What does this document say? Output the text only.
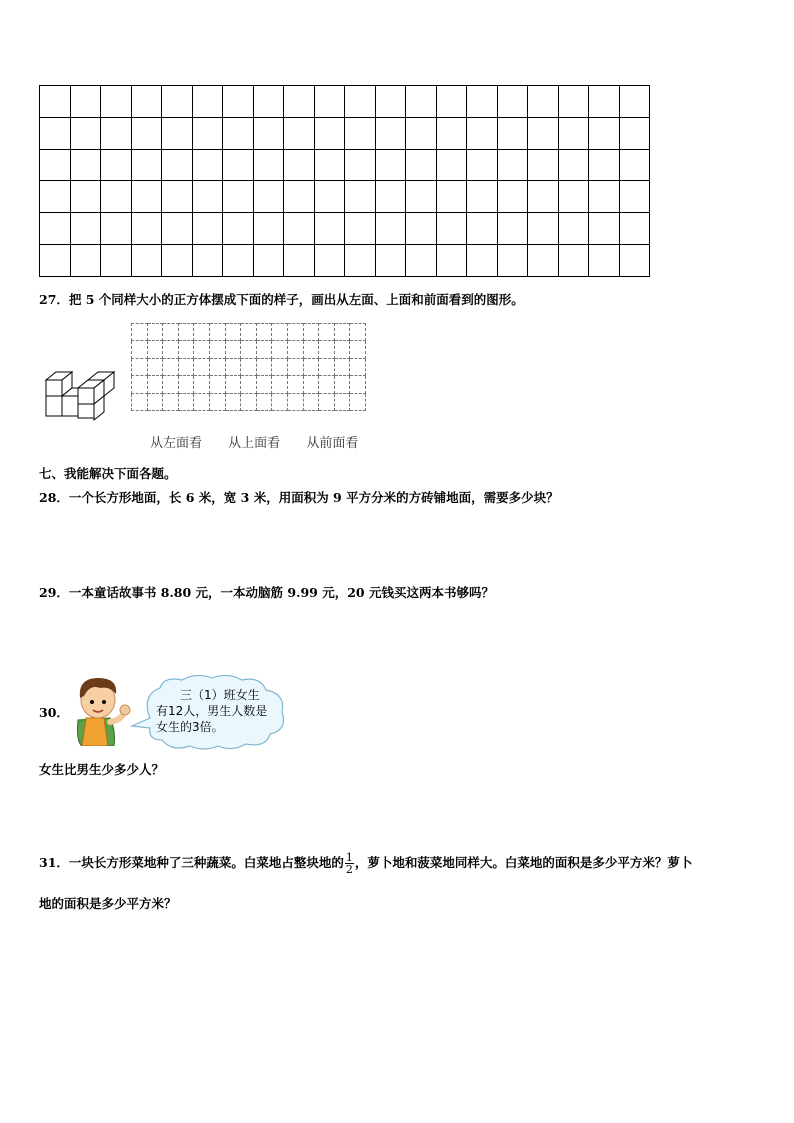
27．把 5 个同样大小的正方体摆成下面的样子，画出从左面、上面和前面看到的图形。

从左面看 从上面看 从前面看
七、我能解决下面各题。
28．一个长方形地面，长 6 米，宽 3 米，用面积为 9 平方分米的方砖铺地面，需要多少块？
29．一本童话故事书 8.80 元，一本动脑筋 9.99 元，20 元钱买这两本书够吗？
30．
三（1）班女生
有12人，男生人数是
女生的3倍。
女生比男生少多少人？
31．一块长方形菜地种了三种蔬菜。白菜地占整块地的 $\frac{1}{2}$ ，萝卜地和菠菜地同样大。白菜地的面积是多少平方米？萝卜
地的面积是多少平方米？
